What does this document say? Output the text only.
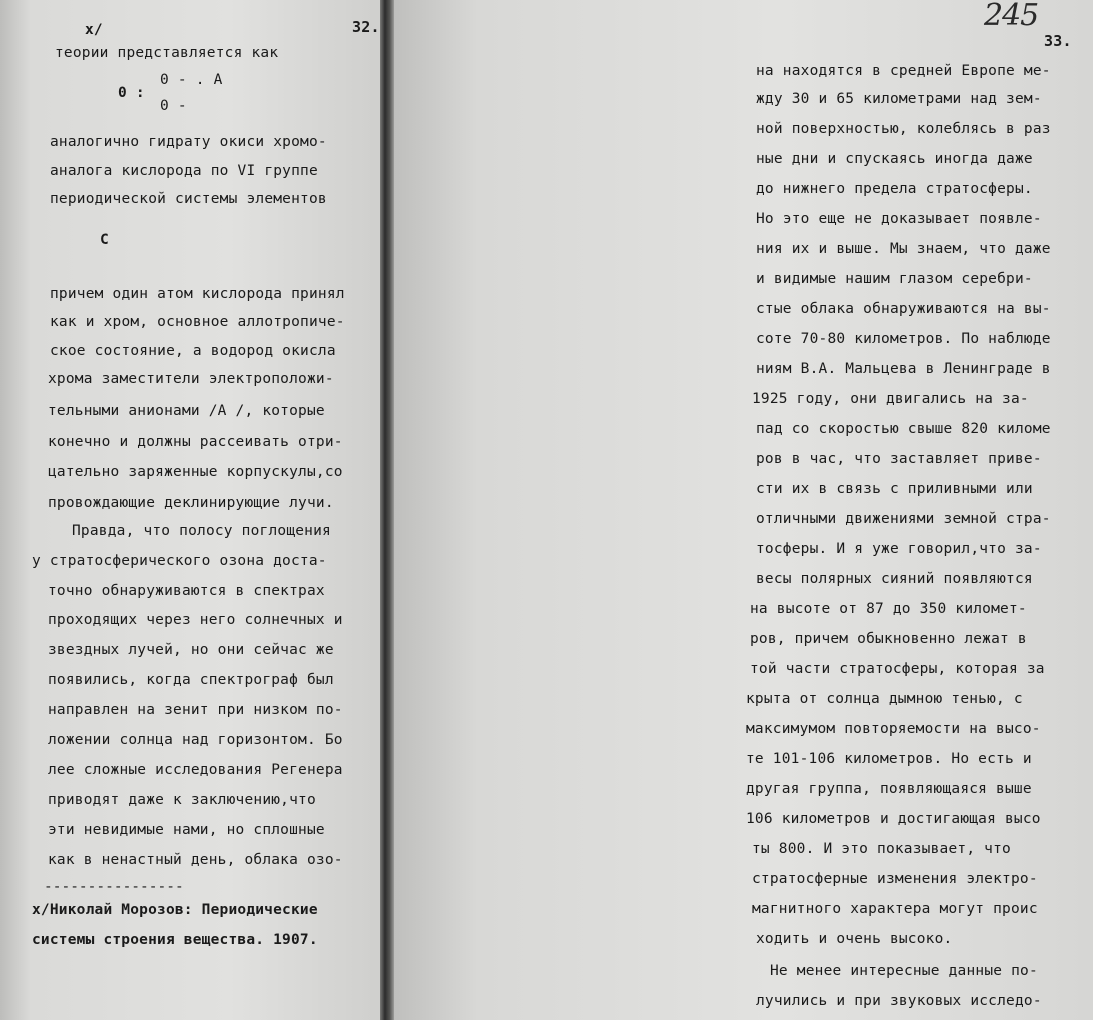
x/	32.
теории представляется как
0 - . А
0 :
0 -
аналогично гидрату окиси хромо-
аналога кислорода по VI группе
периодической системы элементов
С
причем один атом кислорода принял
как и хром, основное аллотропиче-
ское состояние, а водород окисла
хрома заместители электроположи-
тельными анионами /А /, которые
конечно и должны рассеивать отри-
цательно заряженные корпускулы,со
провождающие деклинирующие лучи.
Правда, что полосу поглощения
у стратосферического озона доста-
точно обнаруживаются в спектрах
проходящих через него солнечных и
звездных лучей, но они сейчас же
появились, когда спектрограф был
направлен на зенит при низком по-
ложении солнца над горизонтом. Бо
лее сложные исследования Регенера
приводят даже к заключению,что
эти невидимые нами, но сплошные
как в ненастный день, облака озо-
----------------
х/Николай Морозов: Периодические
системы строения вещества. 1907.
245
33.
на находятся в средней Европе ме-
жду 30 и 65 километрами над зем-
ной поверхностью, колеблясь в раз
ные дни и спускаясь иногда даже
до нижнего предела стратосферы.
Но это еще не доказывает появле-
ния их и выше. Мы знаем, что даже
и видимые нашим глазом серебри-
стые облака обнаруживаются на вы-
соте 70-80 километров. По наблюде
ниям В.А. Мальцева в Ленинграде в
1925 году, они двигались на за-
пад со скоростью свыше 820 киломе
ров в час, что заставляет приве-
сти их в связь с приливными или
отличными движениями земной стра-
тосферы. И я уже говорил,что за-
весы полярных сияний появляются
на высоте от 87 до 350 километ-
ров, причем обыкновенно лежат в
той части стратосферы, которая за
крыта от солнца дымною тенью, с
максимумом повторяемости на высо-
те 101-106 километров. Но есть и
другая группа, появляющаяся выше
106 километров и достигающая высо
ты 800. И это показывает, что
стратосферные изменения электро-
магнитного характера могут проис
ходить и очень высоко.
Не менее интересные данные по-
лучились и при звуковых исследо-
